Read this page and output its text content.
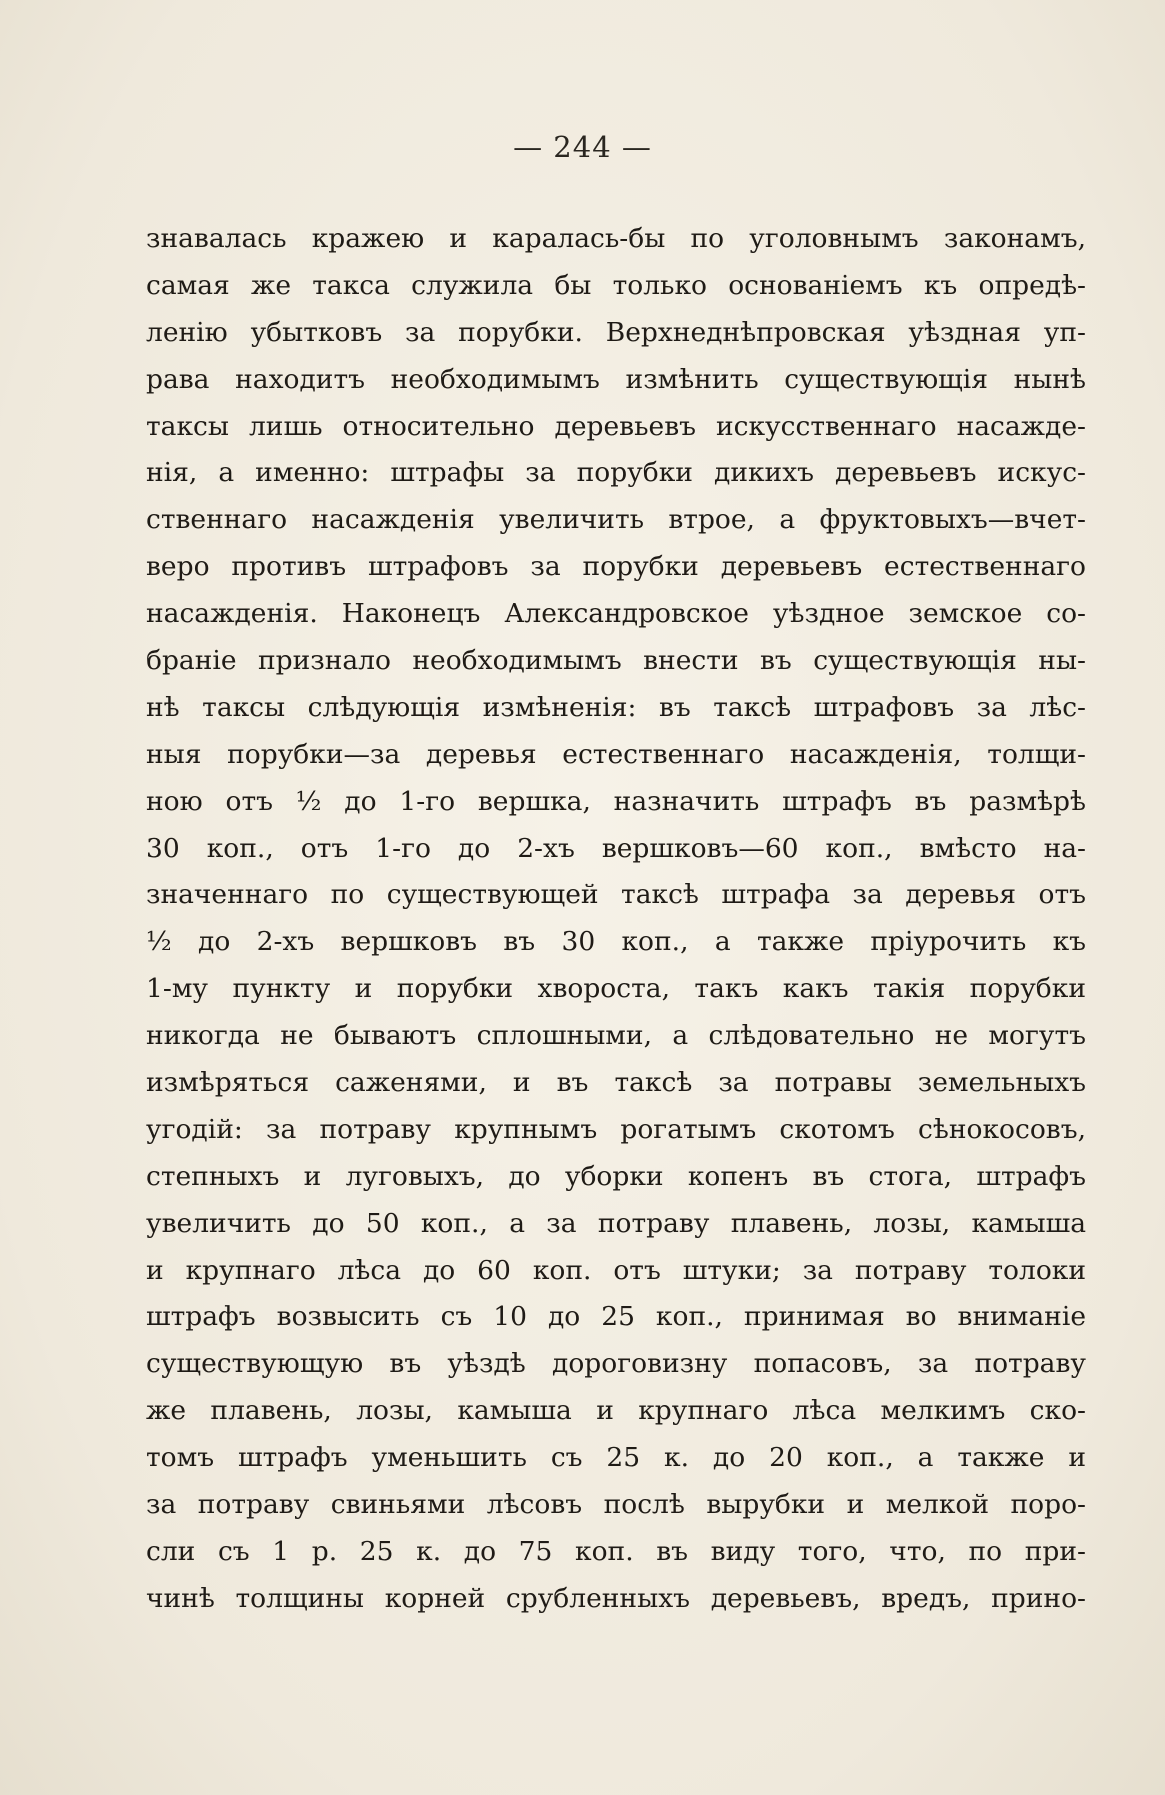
— 244 —
знавалась кражею и каралась-бы по уголовнымъ законамъ,
самая же такса служила бы только основаніемъ къ опредѣ-
ленію убытковъ за порубки. Верхнеднѣпровская уѣздная уп-
рава находитъ необходимымъ измѣнить существующія нынѣ
таксы лишь относительно деревьевъ искусственнаго насажде-
нія, а именно: штрафы за порубки дикихъ деревьевъ искус-
ственнаго насажденія увеличить втрое, а фруктовыхъ—вчет-
веро противъ штрафовъ за порубки деревьевъ естественнаго
насажденія. Наконецъ Александровское уѣздное земское со-
браніе признало необходимымъ внести въ существующія ны-
нѣ таксы слѣдующія измѣненія: въ таксѣ штрафовъ за лѣс-
ныя порубки—за деревья естественнаго насажденія, толщи-
ною отъ ½ до 1-го вершка, назначить штрафъ въ размѣрѣ
30 коп., отъ 1-го до 2-хъ вершковъ—60 коп., вмѣсто на-
значеннаго по существующей таксѣ штрафа за деревья отъ
½ до 2-хъ вершковъ въ 30 коп., а также пріурочить къ
1-му пункту и порубки хвороста, такъ какъ такія порубки
никогда не бываютъ сплошными, а слѣдовательно не могутъ
измѣряться саженями, и въ таксѣ за потравы земельныхъ
угодій: за потраву крупнымъ рогатымъ скотомъ сѣнокосовъ,
степныхъ и луговыхъ, до уборки копенъ въ стога, штрафъ
увеличить до 50 коп., а за потраву плавень, лозы, камыша
и крупнаго лѣса до 60 коп. отъ штуки; за потраву толоки
штрафъ возвысить съ 10 до 25 коп., принимая во вниманіе
существующую въ уѣздѣ дороговизну попасовъ, за потраву
же плавень, лозы, камыша и крупнаго лѣса мелкимъ ско-
томъ штрафъ уменьшить съ 25 к. до 20 коп., а также и
за потраву свиньями лѣсовъ послѣ вырубки и мелкой поро-
сли съ 1 р. 25 к. до 75 коп. въ виду того, что, по при-
чинѣ толщины корней срубленныхъ деревьевъ, вредъ, прино-
